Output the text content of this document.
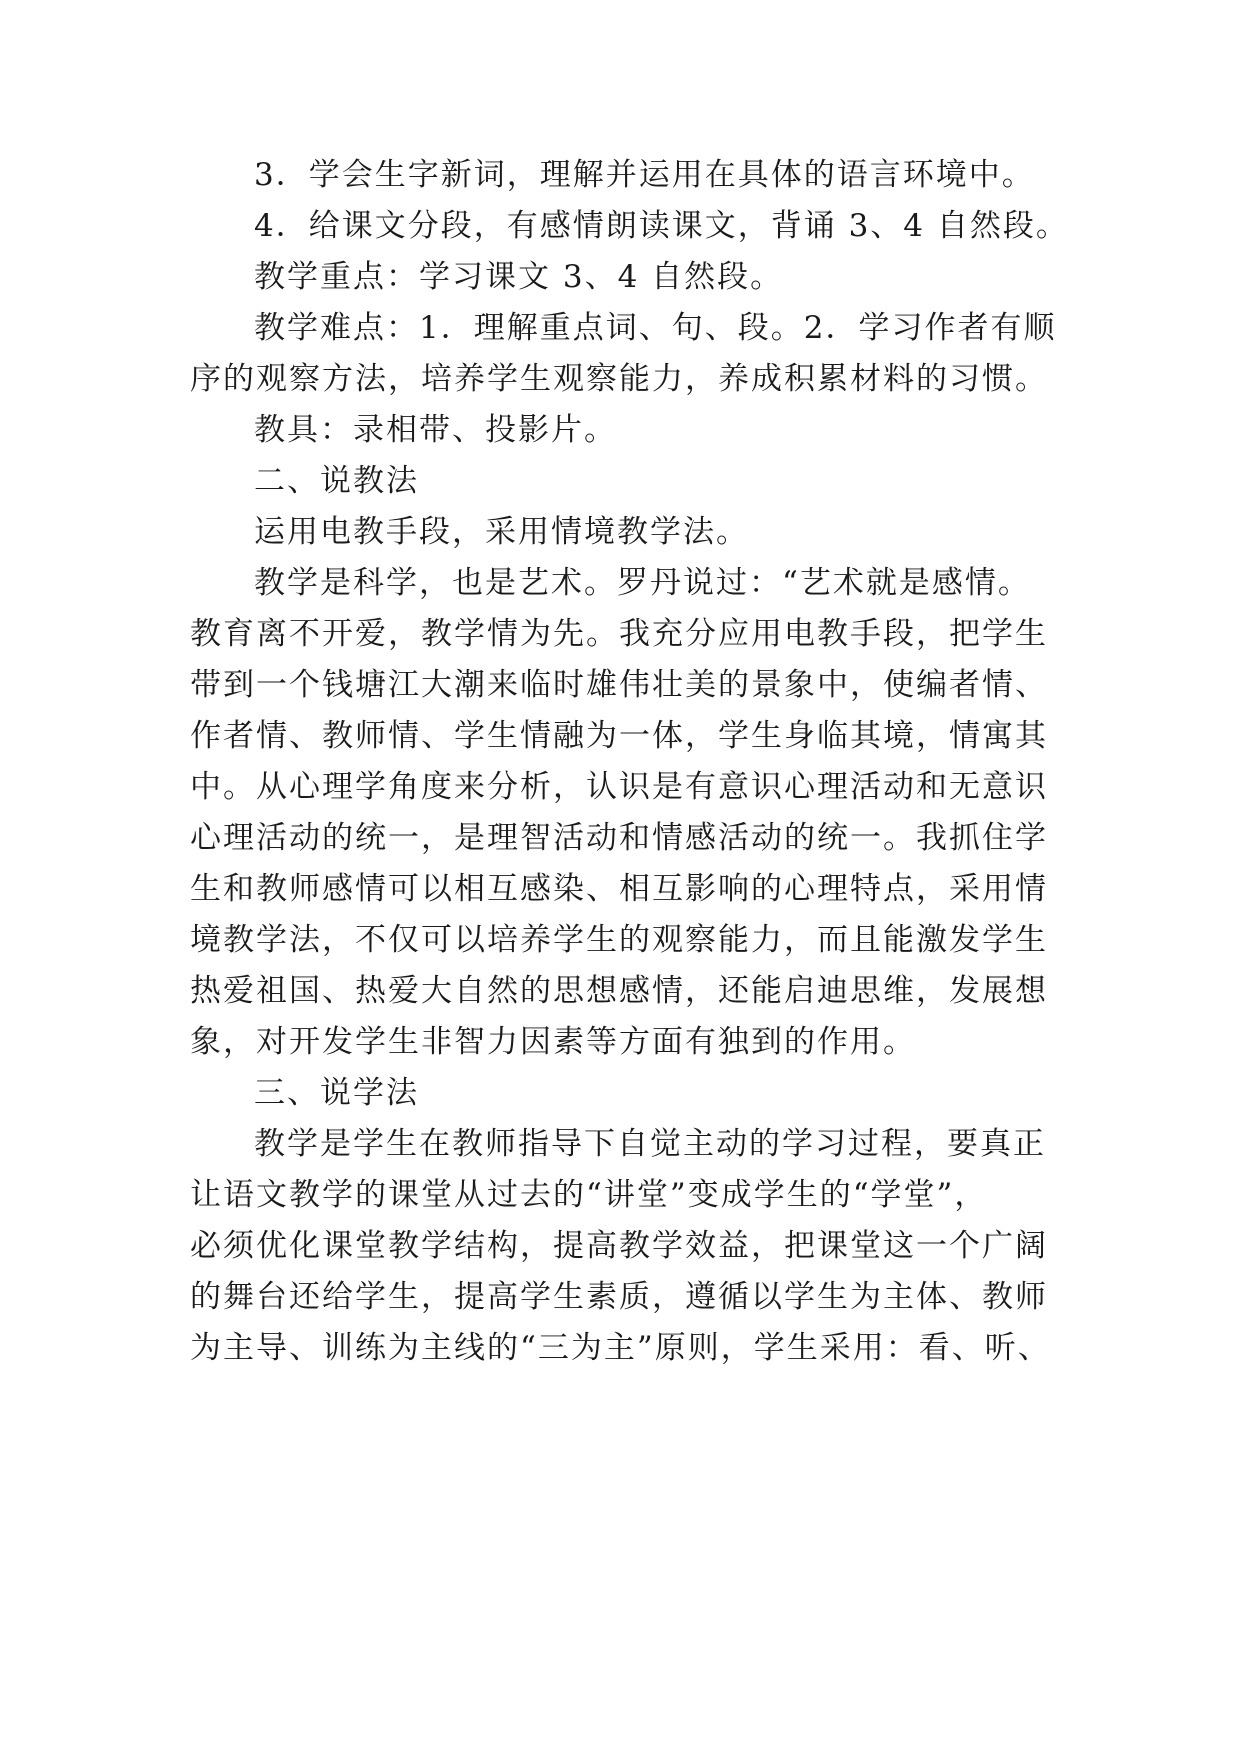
3．学会生字新词，理解并运用在具体的语言环境中。
4．给课文分段，有感情朗读课文，背诵 3、4 自然段。
教学重点：学习课文 3、4 自然段。
教学难点：1．理解重点词、句、段。2．学习作者有顺
序的观察方法，培养学生观察能力，养成积累材料的习惯。
教具：录相带、投影片。
二、说教法
运用电教手段，采用情境教学法。
教学是科学，也是艺术。罗丹说过：“艺术就是感情。
教育离不开爱，教学情为先。我充分应用电教手段，把学生
带到一个钱塘江大潮来临时雄伟壮美的景象中，使编者情、
作者情、教师情、学生情融为一体，学生身临其境，情寓其
中。从心理学角度来分析，认识是有意识心理活动和无意识
心理活动的统一，是理智活动和情感活动的统一。我抓住学
生和教师感情可以相互感染、相互影响的心理特点，采用情
境教学法，不仅可以培养学生的观察能力，而且能激发学生
热爱祖国、热爱大自然的思想感情，还能启迪思维，发展想
象，对开发学生非智力因素等方面有独到的作用。
三、说学法
教学是学生在教师指导下自觉主动的学习过程，要真正
让语文教学的课堂从过去的“讲堂”变成学生的“学堂”，
必须优化课堂教学结构，提高教学效益，把课堂这一个广阔
的舞台还给学生，提高学生素质，遵循以学生为主体、教师
为主导、训练为主线的“三为主”原则，学生采用：看、听、
